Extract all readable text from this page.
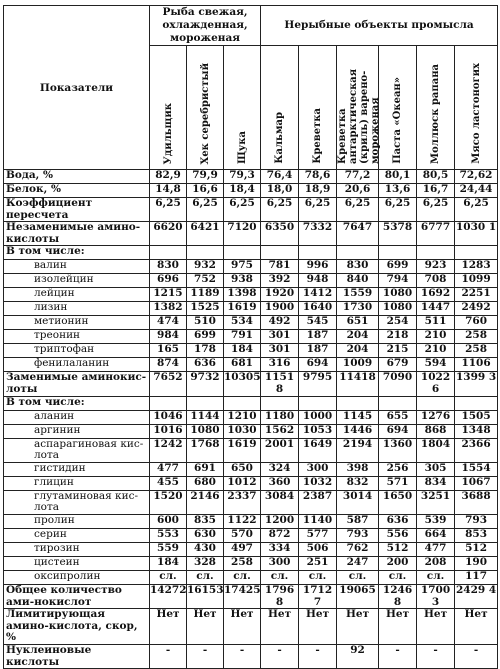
Показатели	Рыба свежая, охлажденная, мороженая			Нерыбные объекты промысла					
	Удильщик	Хек серебристый	Щука	Кальмар	Креветка	Креветка антарктическая (криль) варено-мороженая	Паста «Океан»	Моллюск рапана	Мясо ластоногих
Вода, %	82,9	79,9	79,3	76,4	78,6	77,2	80,1	80,5	72,62
Белок, %	14,8	16,6	18,4	18,0	18,9	20,6	13,6	16,7	24,44
Коэффициент пересчета	6,25	6,25	6,25	6,25	6,25	6,25	6,25	6,25	6,25
Незаменимые амино-кислоты	6620	6421	7120	6350	7332	7647	5378	6777	1030 1
В том числе:									
валин	830	932	975	781	996	830	699	923	1283
изолейцин	696	752	938	392	948	840	794	708	1099
лейцин	1215	1189	1398	1920	1412	1559	1080	1692	2251
лизин	1382	1525	1619	1900	1640	1730	1080	1447	2492
метионин	474	510	534	492	545	651	254	511	760
треонин	984	699	791	301	187	204	218	210	258
триптофан	165	178	184	301	187	204	215	210	258
фенилаланин	874	636	681	316	694	1009	679	594	1106
Заменимые аминокис-лоты	7652	9732	10305	1151 8	9795	11418	7090	1022 6	1399 3
В том числе:									
аланин	1046	1144	1210	1180	1000	1145	655	1276	1505
аргинин	1016	1080	1030	1562	1053	1446	694	868	1348
аспарагиновая кис-лота	1242	1768	1619	2001	1649	2194	1360	1804	2366
гистидин	477	691	650	324	300	398	256	305	1554
глицин	455	680	1012	360	1032	832	571	834	1067
глутаминовая кис-лота	1520	2146	2337	3084	2387	3014	1650	3251	3688
пролин	600	835	1122	1200	1140	587	636	539	793
серин	553	630	570	872	577	793	556	664	853
тирозин	559	430	497	334	506	762	512	477	512
цистеин	184	328	258	300	251	247	200	208	190
оксипролин	сл.	сл.	сл.	сл.	сл.	сл.	сл.	сл.	117
Общее количество ами-нокислот	14272	16153	17425	1796 8	1712 7	19065	1246 8	1700 3	2429 4
Лимитирующая амино-кислота, скор, %	Нет	Нет	Нет	Нет	Нет	Нет	Нет	Нет	Нет
Нуклеиновые кислоты	-	-	-	-	-	92	-	-	-
